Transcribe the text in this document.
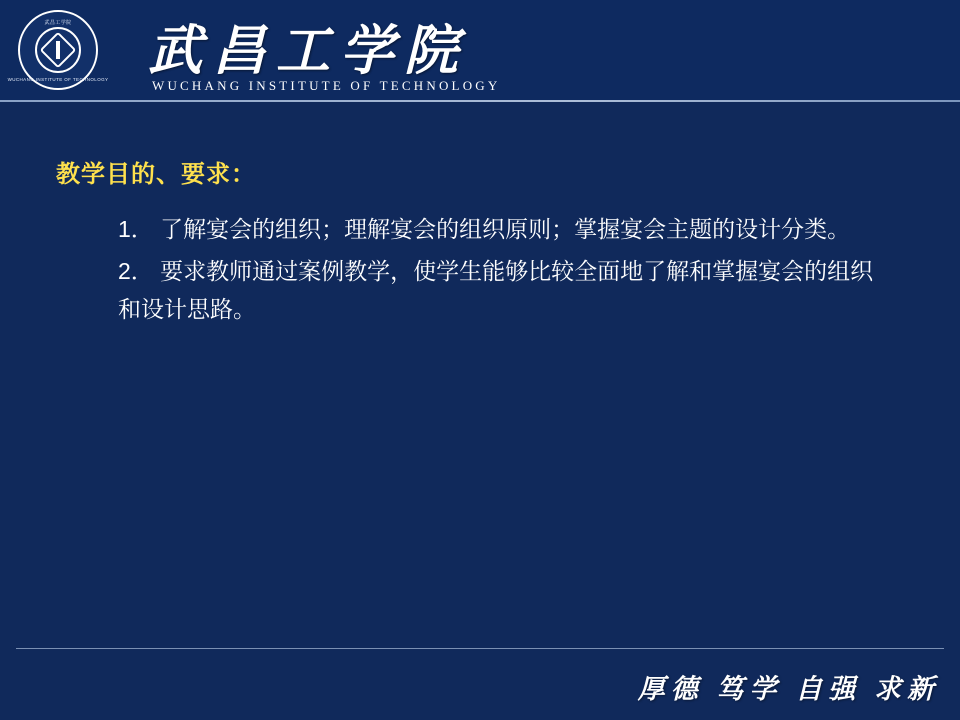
武昌工学院
WUCHANG INSTITUTE OF TECHNOLOGY 武昌工学院
WUCHANG INSTITUTE OF TECHNOLOGY
教学目的、要求：

1． 了解宴会的组织；理解宴会的组织原则；掌握宴会主题的设计分类。

2． 要求教师通过案例教学，使学生能够比较全面地了解和掌握宴会的组织和设计思路。

厚德 笃学 自强 求新
